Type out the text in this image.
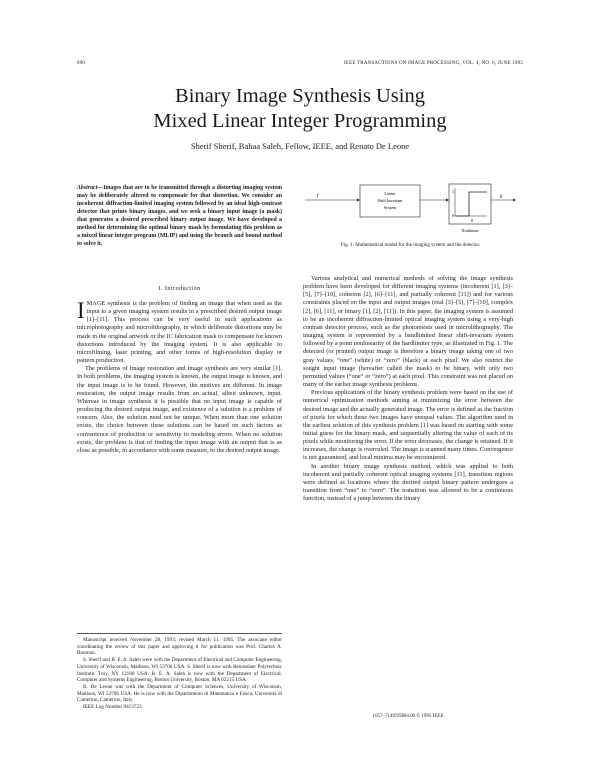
890	IEEE TRANSACTIONS ON IMAGE PROCESSING, VOL. 4, NO. 6, JUNE 1995
Binary Image Synthesis Using
Mixed Linear Integer Programming
Sherif Sherif, Bahaa Saleh, Fellow, IEEE, and Renato De Leone
Abstract—Images that are to be transmitted through a distorting imaging system may be deliberately altered to compensate for that distortion. We consider an incoherent diffraction-limited imaging system followed by an ideal high-contrast detector that prints binary images, and we seek a binary input image (a mask) that generates a desired prescribed binary output image. We have developed a method for determining the optimal binary mask by formulating this problem as a mixed linear integer program (MLIP) and using the branch and bound method to solve it.
I. Introduction

IMAGE synthesis is the problem of finding an image that when used as the input to a given imaging system results in a prescribed desired output image [1]–[11]. This process can be very useful in such applications as microphotography and microlithography, in which deliberate distortions may be made in the original artwork or the IC fabrication mask to compensate for known distortions introduced by the imaging system. It is also applicable to microfilming, laser printing, and other forms of high-resolution display or pattern production.

The problems of image restoration and image synthesis are very similar [1]. In both problems, the imaging system is known, the output image is known, and the input image is to be found. However, the motives are different. In image restoration, the output image results from an actual, albeit unknown, input. Whereas in image synthesis it is possible that no input image is capable of producing the desired output image, and existence of a solution is a problem of concern. Also, the solution need not be unique. When more than one solution exists, the choice between these solutions can be based on such factors as convenience of production or sensitivity to modeling errors. When no solution exists, the problem is that of finding the input image with an output that is as close as possible, in accordance with some measure, to the desired output image.

Manuscript received November 28, 1993; revised March 11, 1995. The associate editor coordinating the review of this paper and approving it for publication was Prof. Charles A. Bouman.

S. Sherif and B. E. A. Saleh were with the Department of Electrical and Computer Engineering, University of Wisconsin, Madison, WI 53706 USA. S. Sherif is now with Rennselaer Polytechnic Institute, Troy, NY 12180 USA. B. E. A. Saleh is now with the Department of Electrical, Computer and Systems Engineering, Boston University, Boston, MA 02215 USA.

R. De Leone was with the Department of Computer Sciences, University of Wisconsin, Madison, WI 53706 USA. He is now with the Dipartimento di Matematica e Fisica, Università di Camerino, Camerino, Italy.

IEEE Log Number 9413723.

f
Linear
Shift Invariant
System
1
0
g
g
Nonlinear
Fig. 1. Mathematical model for the imaging system and the detector.

Various analytical and numerical methods of solving the image synthesis problem have been developed for different imaging systems (incoherent [1], [3]–[5], [7]–[10], coherent [2], [6]–[11], and partially coherent [11]) and for various constraints placed on the input and output images (real [3]–[5], [7]–[10], complex [2], [6], [11], or binary [1], [2], [11]). In this paper, the imaging system is assumed to be an incoherent diffraction-limited optical imaging system using a very-high contrast detector process, such as the photoresists used in microlithography. The imaging system is represented by a bandlimited linear shift-invariant system followed by a point nonlinearity of the hardlimiter type, as illustrated in Fig. 1. The detected (or printed) output image is therefore a binary image taking one of two gray values, “one” (white) or “zero” (black) at each pixel. We also restrict the sought input image (hereafter called the mask) to be binary, with only two permitted values (“one” or “zero”) at each pixel. This constraint was not placed on many of the earlier image synthesis problems.

Previous applications of the binary synthesis problem were based on the use of numerical optimization methods aiming at minimizing the error between the desired image and the actually generated image. The error is defined as the fraction of pixels for which these two images have unequal values. The algorithm used in the earliest solution of this synthesis problem [1] was based on starting with some initial guess for the binary mask, and sequentially altering the value of each of its pixels while monitoring the error. If the error decreases, the change is retained. If it increases, the change is overruled. The image is scanned many times. Convergence is not guaranteed, and local minima may be encountered.

In another binary image synthesis method, which was applied to both incoherent and partially coherent optical imaging systems [11], transition regions were defined as locations where the desired output binary pattern undergoes a transition from “one” to “zero”. The transition was allowed to be a continuous function, instead of a jump between the binary

1057–7149/95$04.00 © 1995 IEEE
